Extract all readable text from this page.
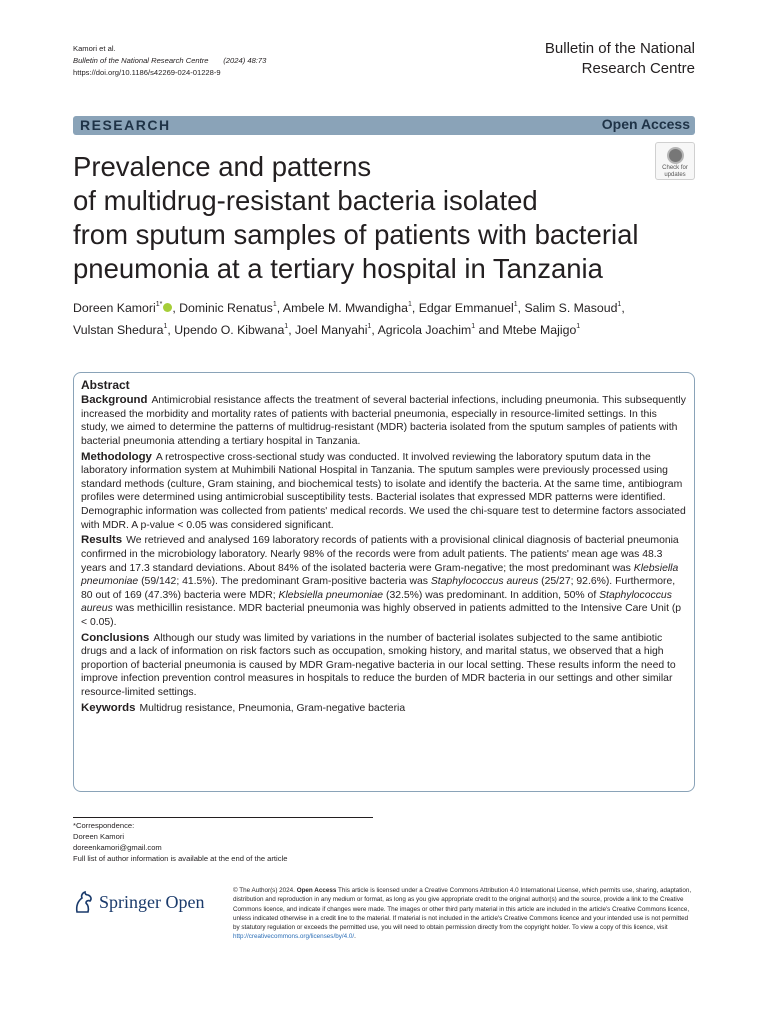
Kamori et al.
Bulletin of the National Research Centre (2024) 48:73
https://doi.org/10.1186/s42269-024-01228-9
Bulletin of the National
Research Centre
RESEARCH	Open Access
Prevalence and patterns
of multidrug-resistant bacteria isolated
from sputum samples of patients with bacterial
pneumonia at a tertiary hospital in Tanzania
Check for
updates
Doreen Kamori$^{1*}$ , Dominic Renatus$^1$, Ambele M. Mwandigha$^1$, Edgar Emmanuel$^1$, Salim S. Masoud$^1$,
Vulstan Shedura$^1$, Upendo O. Kibwana$^1$, Joel Manyahi$^1$, Agricola Joachim$^1$ and Mtebe Majigo$^1$
Abstract

Background Antimicrobial resistance affects the treatment of several bacterial infections, including pneumonia. This subsequently increased the morbidity and mortality rates of patients with bacterial pneumonia, especially in resource-limited settings. In this study, we aimed to determine the patterns of multidrug-resistant (MDR) bacteria isolated from the sputum samples of patients with bacterial pneumonia attending a tertiary hospital in Tanzania.

Methodology A retrospective cross-sectional study was conducted. It involved reviewing the laboratory sputum data in the laboratory information system at Muhimbili National Hospital in Tanzania. The sputum samples were previously processed using standard methods (culture, Gram staining, and biochemical tests) to isolate and identify the bacteria. At the same time, antibiogram profiles were determined using antimicrobial susceptibility tests. Bacterial isolates that expressed MDR patterns were identified. Demographic information was collected from patients' medical records. We used the chi-square test to determine factors associated with MDR. A p-value < 0.05 was considered significant.

Results We retrieved and analysed 169 laboratory records of patients with a provisional clinical diagnosis of bacterial pneumonia confirmed in the microbiology laboratory. Nearly 98% of the records were from adult patients. The patients' mean age was 48.3 years and 17.3 standard deviations. About 84% of the isolated bacteria were Gram-negative; the most predominant was Klebsiella pneumoniae (59/142; 41.5%). The predominant Gram-positive bacteria was Staphylococcus aureus (25/27; 92.6%). Furthermore, 80 out of 169 (47.3%) bacteria were MDR; Klebsiella pneumoniae (32.5%) was predominant. In addition, 50% of Staphylococcus aureus was methicillin resistance. MDR bacterial pneumonia was highly observed in patients admitted to the Intensive Care Unit (p < 0.05).

Conclusions Although our study was limited by variations in the number of bacterial isolates subjected to the same antibiotic drugs and a lack of information on risk factors such as occupation, smoking history, and marital status, we observed that a high proportion of bacterial pneumonia is caused by MDR Gram-negative bacteria in our local setting. These results inform the need to improve infection prevention control measures in hospitals to reduce the burden of MDR bacteria in our settings and other similar resource-limited settings.

Keywords Multidrug resistance, Pneumonia, Gram-negative bacteria

*Correspondence:
Doreen Kamori
doreenkamori@gmail.com
Full list of author information is available at the end of the article
Springer Open
© The Author(s) 2024. Open Access This article is licensed under a Creative Commons Attribution 4.0 International License, which permits use, sharing, adaptation, distribution and reproduction in any medium or format, as long as you give appropriate credit to the original author(s) and the source, provide a link to the Creative Commons licence, and indicate if changes were made. The images or other third party material in this article are included in the article's Creative Commons licence, unless indicated otherwise in a credit line to the material. If material is not included in the article's Creative Commons licence and your intended use is not permitted by statutory regulation or exceeds the permitted use, you will need to obtain permission directly from the copyright holder. To view a copy of this licence, visit http://creativecommons.org/licenses/by/4.0/.
